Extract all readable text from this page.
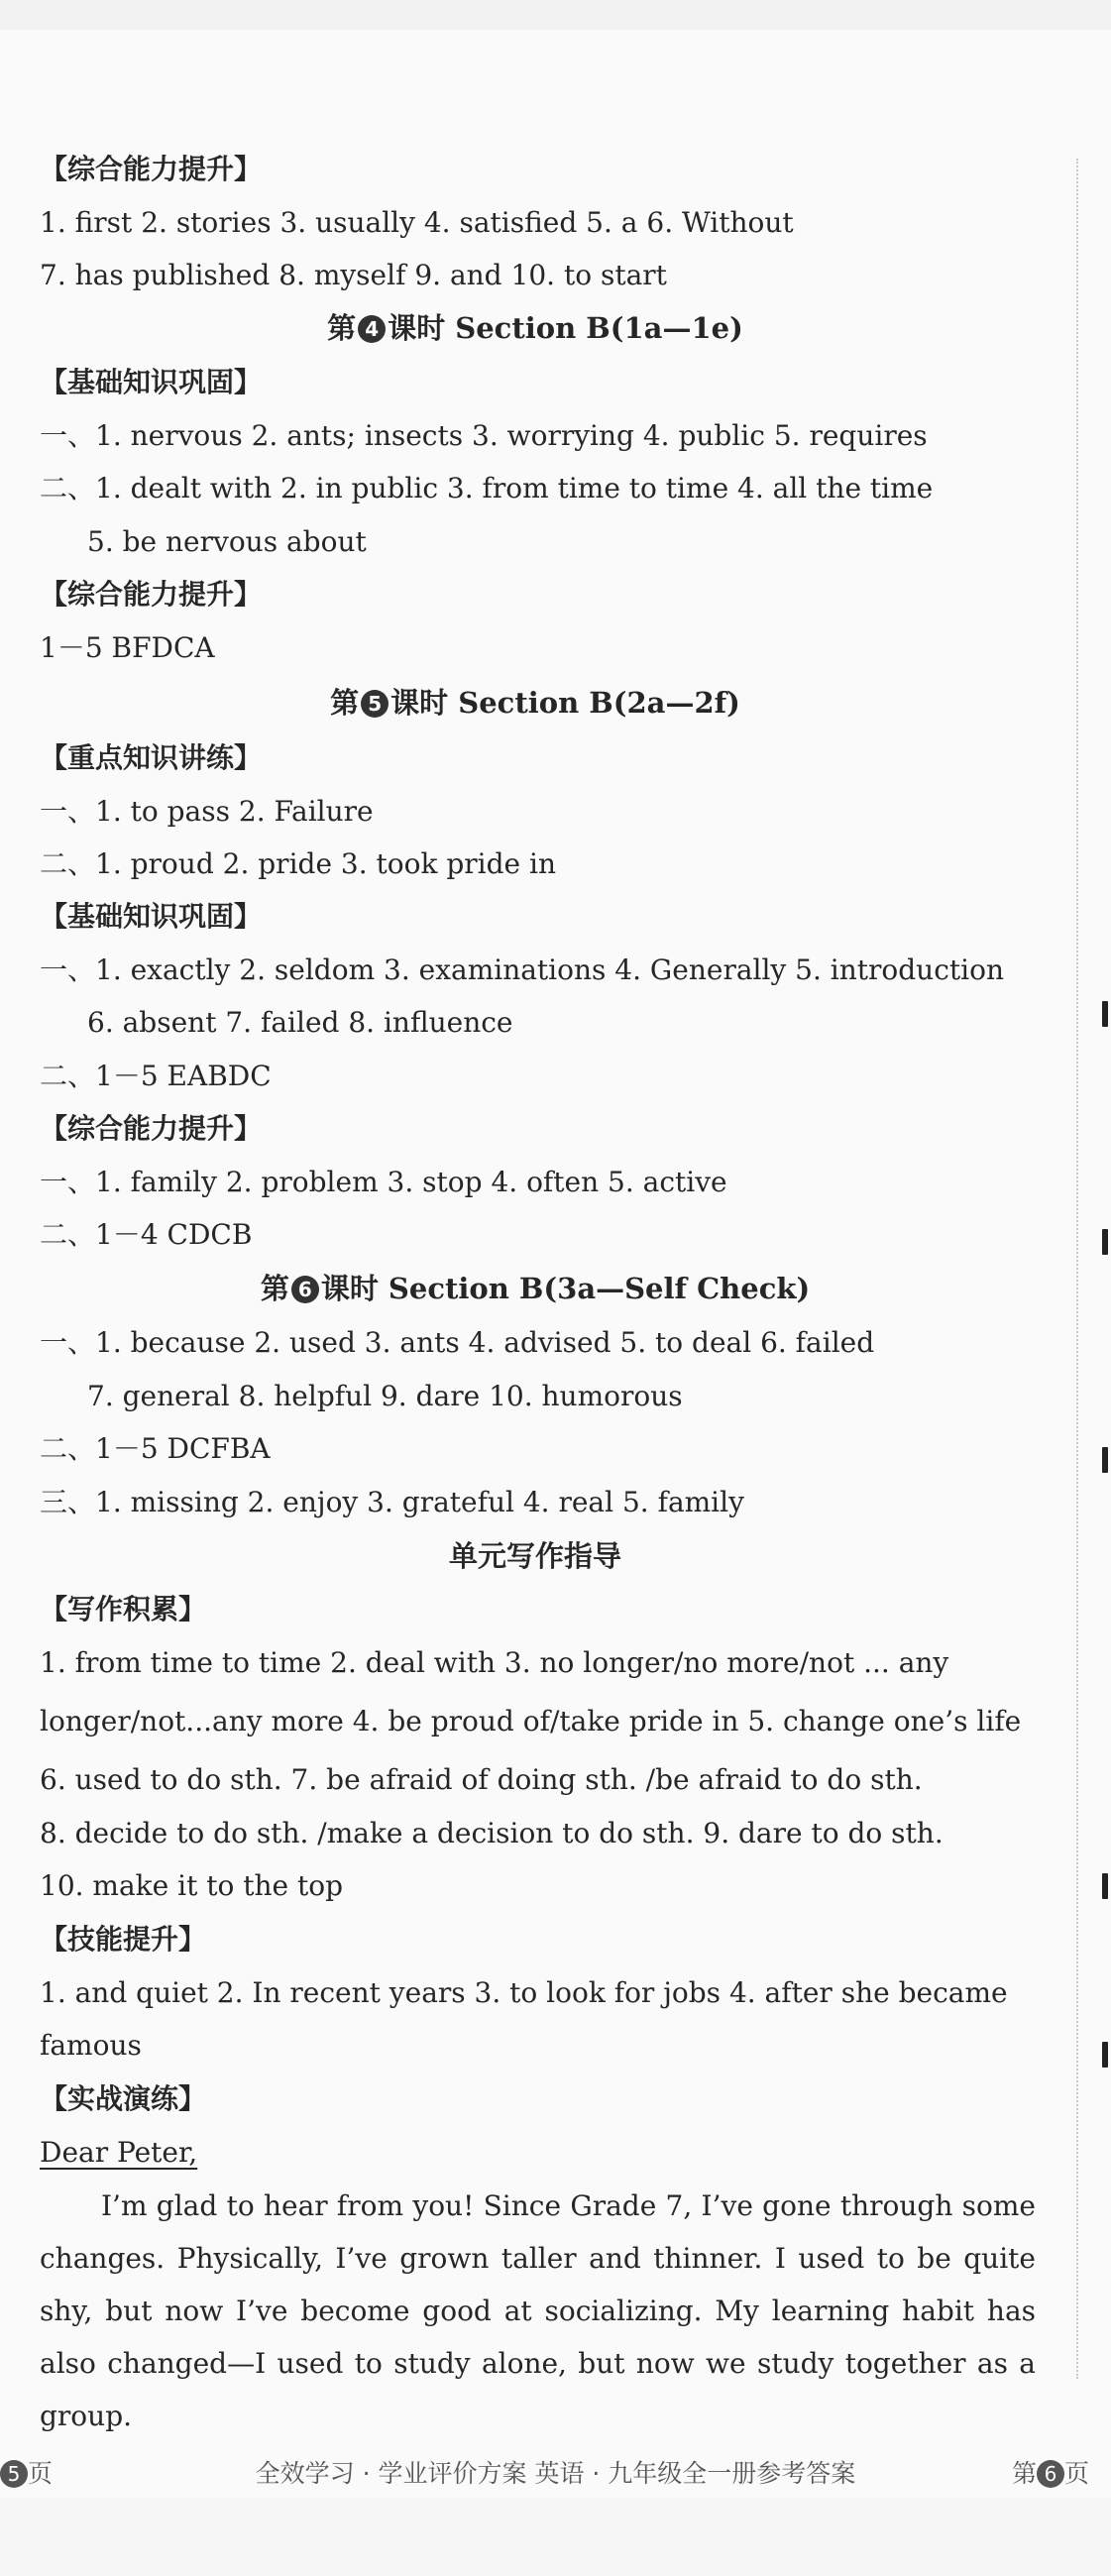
【综合能力提升】
1. first 2. stories 3. usually 4. satisfied 5. a 6. Without
7. has published 8. myself 9. and 10. to start
第 4 课时 Section B(1a—1e)
【基础知识巩固】
一、1. nervous 2. ants; insects 3. worrying 4. public 5. requires
二、1. dealt with 2. in public 3. from time to time 4. all the time
5. be nervous about
【综合能力提升】
1－5 BFDCA
第 5 课时 Section B(2a—2f)
【重点知识讲练】
一、1. to pass 2. Failure
二、1. proud 2. pride 3. took pride in
【基础知识巩固】
一、1. exactly 2. seldom 3. examinations 4. Generally 5. introduction
6. absent 7. failed 8. influence
二、1－5 EABDC
【综合能力提升】
一、1. family 2. problem 3. stop 4. often 5. active
二、1－4 CDCB
第 6 课时 Section B(3a—Self Check)
一、1. because 2. used 3. ants 4. advised 5. to deal 6. failed
7. general 8. helpful 9. dare 10. humorous
二、1－5 DCFBA
三、1. missing 2. enjoy 3. grateful 4. real 5. family
单元写作指导
【写作积累】
1. from time to time 2. deal with 3. no longer/no more/not ... any
longer/not...any more 4. be proud of/take pride in 5. change one’s life
6. used to do sth. 7. be afraid of doing sth. /be afraid to do sth.
8. decide to do sth. /make a decision to do sth. 9. dare to do sth.
10. make it to the top
【技能提升】
1. and quiet 2. In recent years 3. to look for jobs 4. after she became
famous
【实战演练】
Dear Peter,

I’m glad to hear from you! Since Grade 7, I’ve gone through some changes. Physically, I’ve grown taller and thinner. I used to be quite shy, but now I’ve become good at socializing. My learning habit has also changed—I used to study alone, but now we study together as a group.

5 页	全效学习 · 学业评价方案 英语 · 九年级全一册参考答案	第 6 页
